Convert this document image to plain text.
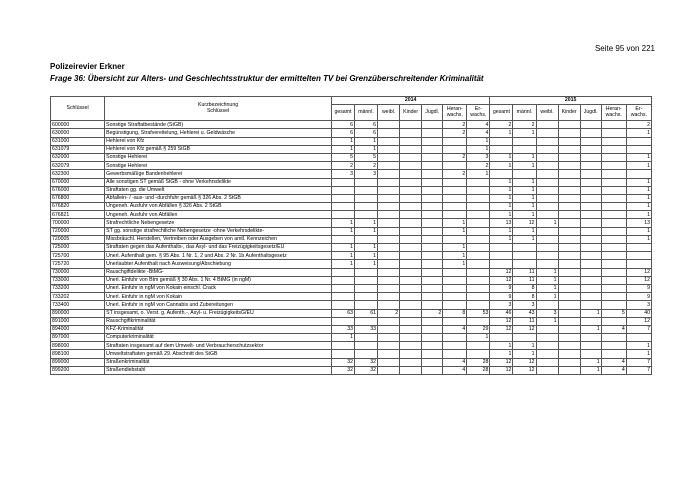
Seite 95 von 221
Polizeirevier Erkner
Frage 36: Übersicht zur Alters- und Geschlechtsstruktur der ermittelten TV bei Grenzüberschreitender Kriminalität
Schlüssel	Kurzbezeichnung
Schlüssel	2014							2015						
		gesamt	männl.	weibl.	Kinder	Jugdl.	Heran-wachs.	Er-wachs.	gesamt	männl.	weibl.	Kinder	Jugdl.	Heran-wachs.	Er-wachs.
600000	Sonstige Straftatbestände (StGB)	6	6				2	4	2	2					2
630000	Begünstigung, Strafvereitelung, Hehlerei u. Geldwäsche	6	6				2	4	1	1					1
631000	Hehlerei von Kfz	1	1					1							
631079	Hehlerei von Kfz gemäß § 259 StGB	1	1					1							
632000	Sonstige Hehlerei	5	5				2	3	1	1					1
632079	Sonstige Hehlerei	2	2					2	1	1					1
632300	Gewerbsmäßige Bandenhehlerei	3	3				2	1							
670000	Alle sonstigen ST gemäß StGB - ohne Verkehrsdelikte								1	1					1
676000	Straftaten gg. die Umwelt								1	1					1
676800	Abfallein- / -aus- und -durchfuhr gemäß § 326 Abs. 2 StGB								1	1					1
676820	Ungeneh. Ausfuhr von Abfällen § 326 Abs. 2 StGB								1	1					1
676821	Ungeneh. Ausfuhr von Abfällen								1	1					1
700000	Strafrechtliche Nebengesetze	1	1				1		13	12	1				13
720000	ST gg. sonstige strafrechtliche Nebengesetze -ohne Verkehrsdelikte-	1	1				1		1	1					1
720005	Missbräuchl. Herstellen, Vertreiben oder Ausgeben von amtl. Kennzeichen								1	1					1
725000	Straftaten gegen das Aufenthalts-, das Asyl- und das Freizügigkeitsgesetz/EU	1	1				1								
725700	Unerl. Aufenthalt gem. § 95 Abs. 1 Nr. 1, 2 und Abs. 2 Nr. 1b Aufenthaltsgesetz	1	1				1								
725720	Unerlaubter Aufenthalt nach Ausweisung/Abschiebung	1	1				1								
730000	Rauschgiftdelikte -BtMG-								12	11	1				12
733000	Unerl. Einfuhr von Btm gemäß § 30 Abs. 1 Nr. 4 BtMG (in ngM)								12	11	1				12
733200	Unerl. Einfuhr in ngM von Kokain einschl. Crack								9	8	1				9
733202	Unerl. Einfuhr in ngM von Kokain								9	8	1				9
733400	Unerl. Einfuhr in ngM von Cannabis und Zubereitungen								3	3					3
890000	ST insgesamt, o. Verst. g. Aufenth.-, Asyl- u. FreizügigkeitsG/EU	63	61	2		2	8	53	46	43	3		1	5	40
891000	Rauschgiftkriminalität								12	11	1				12
894000	KFZ-Kriminalität	33	33				4	29	12	12			1	4	7
897000	Computerkriminalität	1						1							
898000	Straftaten insgesamt auf dem Umwelt- und Verbraucherschutzsektor								1	1					1
898100	Umweltstraftaten gemäß 29. Abschnitt des StGB								1	1					1
899000	Straßenkriminalität	32	32				4	28	12	12			1	4	7
899200	Straßendiebstahl	32	32				4	28	12	12			1	4	7
